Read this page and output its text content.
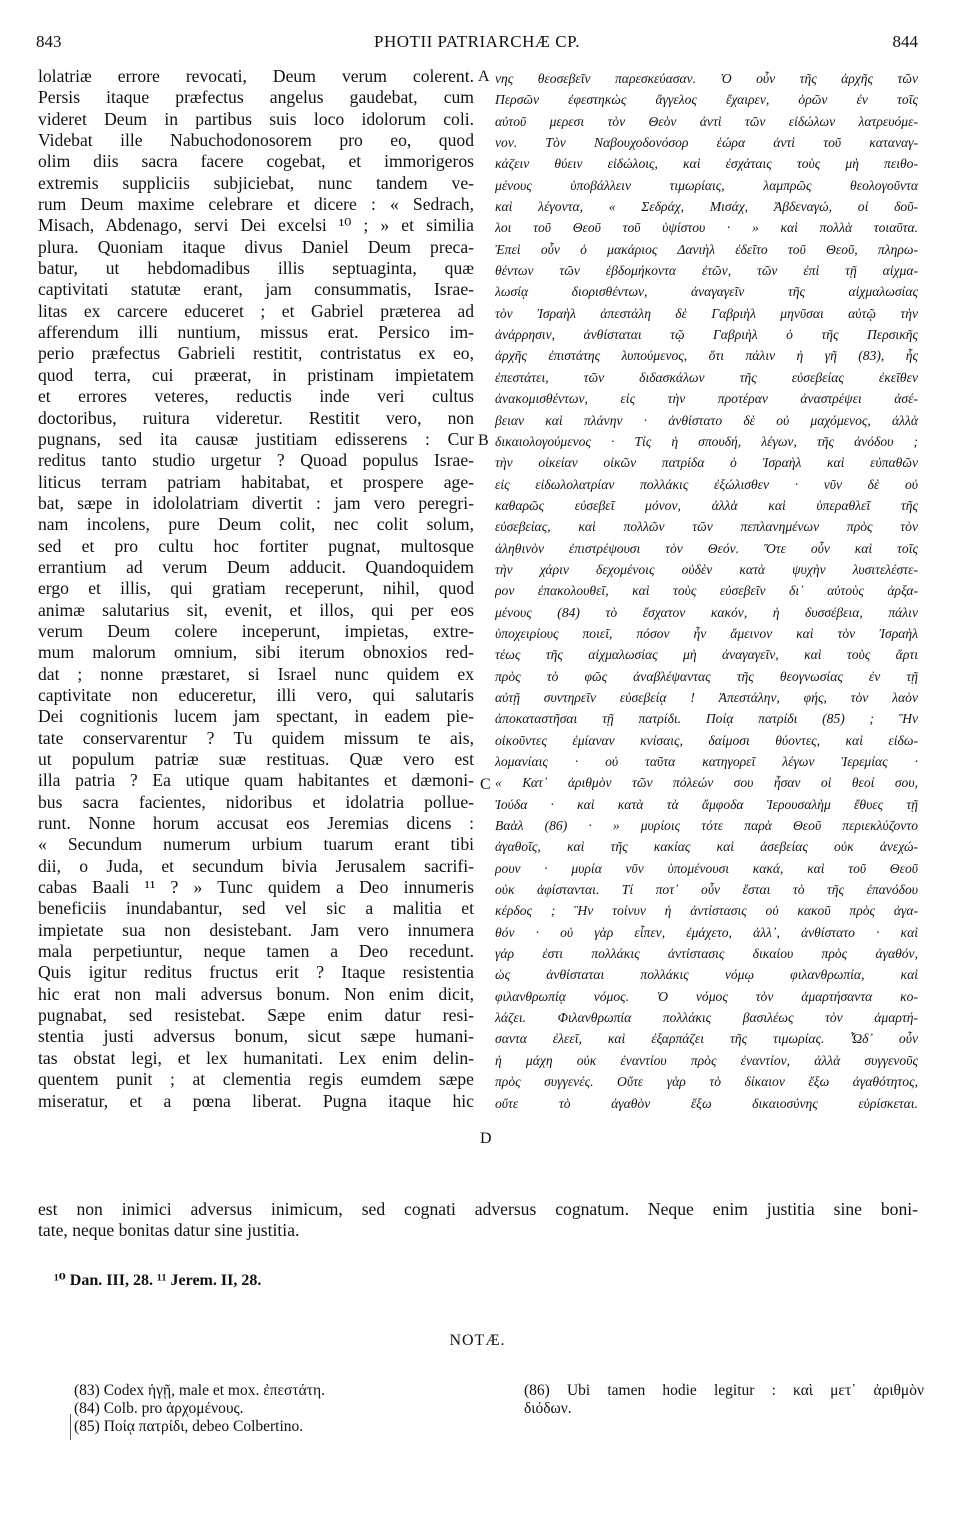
843	PHOTII PATRIARCHÆ CP.	844
lolatriæ errore revocati, Deum verum colerent.
Persis itaque præfectus angelus gaudebat, cum
videret Deum in partibus suis loco idolorum coli.
Videbat ille Nabuchodonosorem pro eo, quod
olim diis sacra facere cogebat, et immorigeros
extremis suppliciis subjiciebat, nunc tandem ve-
rum Deum maxime celebrare et dicere : « Sedrach,
Misach, Abdenago, servi Dei excelsi ¹⁰ ; » et similia
plura. Quoniam itaque divus Daniel Deum preca-
batur, ut hebdomadibus illis septuaginta, quæ
captivitati statutæ erant, jam consummatis, Israe-
litas ex carcere educeret ; et Gabriel præterea ad
afferendum illi nuntium, missus erat. Persico im-
perio præfectus Gabrieli restitit, contristatus ex eo,
quod terra, cui præerat, in pristinam impietatem
et errores veteres, reductis inde veri cultus
doctoribus, ruitura videretur. Restitit vero, non
pugnans, sed ita causæ justitiam edisserens : Cur
reditus tanto studio urgetur ? Quoad populus Israe-
liticus terram patriam habitabat, et prospere age-
bat, sæpe in idololatriam divertit : jam vero peregri-
nam incolens, pure Deum colit, nec colit solum,
sed et pro cultu hoc fortiter pugnat, multosque
errantium ad verum Deum adducit. Quandoquidem
ergo et illis, qui gratiam receperunt, nihil, quod
animæ salutarius sit, evenit, et illos, qui per eos
verum Deum colere inceperunt, impietas, extre-
mum malorum omnium, sibi iterum obnoxios red-
dat ; nonne præstaret, si Israel nunc quidem ex
captivitate non educeretur, illi vero, qui salutaris
Dei cognitionis lucem jam spectant, in eadem pie-
tate conservarentur ? Tu quidem missum te ais,
ut populum patriæ suæ restituas. Quæ vero est
illa patria ? Ea utique quam habitantes et dæmoni-
bus sacra facientes, nidoribus et idolatria pollue-
runt. Nonne horum accusat eos Jeremias dicens :
« Secundum numerum urbium tuarum erant tibi
dii, o Juda, et secundum bivia Jerusalem sacrifi-
cabas Baali ¹¹ ? » Tunc quidem a Deo innumeris
beneficiis inundabantur, sed vel sic a malitia et
impietate sua non desistebant. Jam vero innumera
mala perpetiuntur, neque tamen a Deo recedunt.
Quis igitur reditus fructus erit ? Itaque resistentia
hic erat non mali adversus bonum. Non enim dicit,
pugnabat, sed resistebat. Sæpe enim datur resi-
stentia justi adversus bonum, sicut sæpe humani-
tas obstat legi, et lex humanitati. Lex enim delin-
quentem punit ; at clementia regis eumdem sæpe
miseratur, et a pœna liberat. Pugna itaque hic
νης θεοσεβεῖν παρεσκεύασαν. Ὁ οὖν τῆς ἀρχῆς τῶν
Περσῶν ἐφεστηκὼς ἄγγελος ἔχαιρεν, ὁρῶν ἐν τοῖς
αὐτοῦ μερεσι τὸν Θεὸν ἀντὶ τῶν εἰδώλων λατρευόμε-
νον. Τὸν Ναβουχοδονόσορ ἑώρα ἀντὶ τοῦ καταναγ-
κάζειν θύειν εἰδώλοις, καὶ ἐσχάταις τοὺς μὴ πειθο-
μένους ὑποβάλλειν τιμωρίαις, λαμπρῶς θεολογοῦντα
καὶ λέγοντα, « Σεδράχ, Μισάχ, Ἀβδεναγώ, οἱ δοῦ-
λοι τοῦ Θεοῦ τοῦ ὑψίστου · » καὶ πολλὰ τοιαῦτα.
Ἐπεὶ οὖν ὁ μακάριος Δανιὴλ ἐδεῖτο τοῦ Θεοῦ, πληρω-
θέντων τῶν ἑβδομήκοντα ἐτῶν, τῶν ἐπὶ τῇ αἰχμα-
λωσίᾳ διορισθέντων, ἀναγαγεῖν τῆς αἰχμαλωσίας
τὸν Ἰσραὴλ ἀπεστάλη δὲ Γαβριὴλ μηνῦσαι αὐτῷ τὴν
ἀνάρρησιν, ἀνθίσταται τῷ Γαβριὴλ ὁ τῆς Περσικῆς
ἀρχῆς ἐπιστάτης λυπούμενος, ὅτι πάλιν ἡ γῆ (83), ἧς
ἐπεστάτει, τῶν διδασκάλων τῆς εὐσεβείας ἐκεῖθεν
ἀνακομισθέντων, εἰς τὴν προτέραν ἀναστρέψει ἀσέ-
βειαν καὶ πλάνην · ἀνθίστατο δὲ οὐ μαχόμενος, ἀλλὰ
δικαιολογούμενος · Τίς ἡ σπουδή, λέγων, τῆς ἀνόδου ;
τὴν οἰκείαν οἰκῶν πατρίδα ὁ Ἰσραὴλ καὶ εὐπαθῶν
εἰς εἰδωλολατρίαν πολλάκις ἐξώλισθεν · νῦν δὲ οὐ
καθαρῶς εὐσεβεῖ μόνον, ἀλλὰ καὶ ὑπεραθλεῖ τῆς
εὐσεβείας, καὶ πολλῶν τῶν πεπλανημένων πρὸς τὸν
ἀληθινὸν ἐπιστρέψουσι τὸν Θεόν. Ὅτε οὖν καὶ τοῖς
τὴν χάριν δεχομένοις οὐδὲν κατὰ ψυχὴν λυσιτελέστε-
ρον ἐπακολουθεῖ, καὶ τοὺς εὐσεβεῖν δι᾽ αὐτοὺς ἀρξα-
μένους (84) τὸ ἔσχατον κακόν, ἡ δυσσέβεια, πάλιν
ὑποχειρίους ποιεῖ, πόσον ἦν ἄμεινον καὶ τὸν Ἰσραὴλ
τέως τῆς αἰχμαλωσίας μὴ ἀναγαγεῖν, καὶ τοὺς ἄρτι
πρὸς τὸ φῶς ἀναβλέψαντας τῆς θεογνωσίας ἐν τῇ
αὐτῇ συντηρεῖν εὐσεβείᾳ ! Ἀπεστάλην, φής, τὸν λαὸν
ἀποκαταστῆσαι τῇ πατρίδι. Ποίᾳ πατρίδι (85) ; Ἣν
οἰκοῦντες ἐμίαναν κνίσαις, δαίμοσι θύοντες, καὶ εἰδω-
λομανίαις · οὐ ταῦτα κατηγορεῖ λέγων Ἱερεμίας ·
« Κατ᾽ ἀριθμὸν τῶν πόλεών σου ἦσαν οἱ θεοί σου,
Ἰούδα · καὶ κατὰ τὰ ἄμφοδα Ἱερουσαλὴμ ἔθυες τῇ
Βαὰλ (86) · » μυρίοις τότε παρὰ Θεοῦ περιεκλύζοντο
ἀγαθοῖς, καὶ τῆς κακίας καὶ ἀσεβείας οὐκ ἀνεχώ-
ρουν · μυρία νῦν ὑπομένουσι κακά, καὶ τοῦ Θεοῦ
οὐκ ἀφίστανται. Τί ποτ᾽ οὖν ἔσται τὸ τῆς ἐπανόδου
κέρδος ; Ἣν τοίνυν ἡ ἀντίστασις οὐ κακοῦ πρὸς ἀγα-
θόν · οὐ γὰρ εἶπεν, ἐμάχετο, ἀλλ᾽, ἀνθίστατο · καὶ
γάρ ἐστι πολλάκις ἀντίστασις δικαίου πρὸς ἀγαθόν,
ὡς ἀνθίσταται πολλάκις νόμῳ φιλανθρωπία, καὶ
φιλανθρωπίᾳ νόμος. Ὁ νόμος τὸν ἁμαρτήσαντα κο-
λάζει. Φιλανθρωπία πολλάκις βασιλέως τὸν ἁμαρτή-
σαντα ἐλεεῖ, καὶ ἐξαρπάζει τῆς τιμωρίας. Ὧδ᾽ οὖν
ἡ μάχη οὐκ ἐναντίου πρὸς ἐναντίον, ἀλλὰ συγγενοῦς
πρὸς συγγενές. Οὔτε γὰρ τὸ δίκαιον ἔξω ἀγαθότητος,
οὔτε τὸ ἀγαθὸν ἔξω δικαιοσύνης εὑρίσκεται.
A
B
C
D
est non inimici adversus inimicum, sed cognati adversus cognatum. Neque enim justitia sine boni-
tate, neque bonitas datur sine justitia.
¹⁰ Dan. III, 28. ¹¹ Jerem. II, 28.
NOTÆ.
(83) Codex ἡγῇ, male et mox. ἐπεστάτη.
(84) Colb. pro ἀρχομένους.
(85) Ποίᾳ πατρίδι, debeo Colbertino.
(86) Ubi tamen hodie legitur : καὶ μετ᾽ ἀριθμὸν
διόδων.
